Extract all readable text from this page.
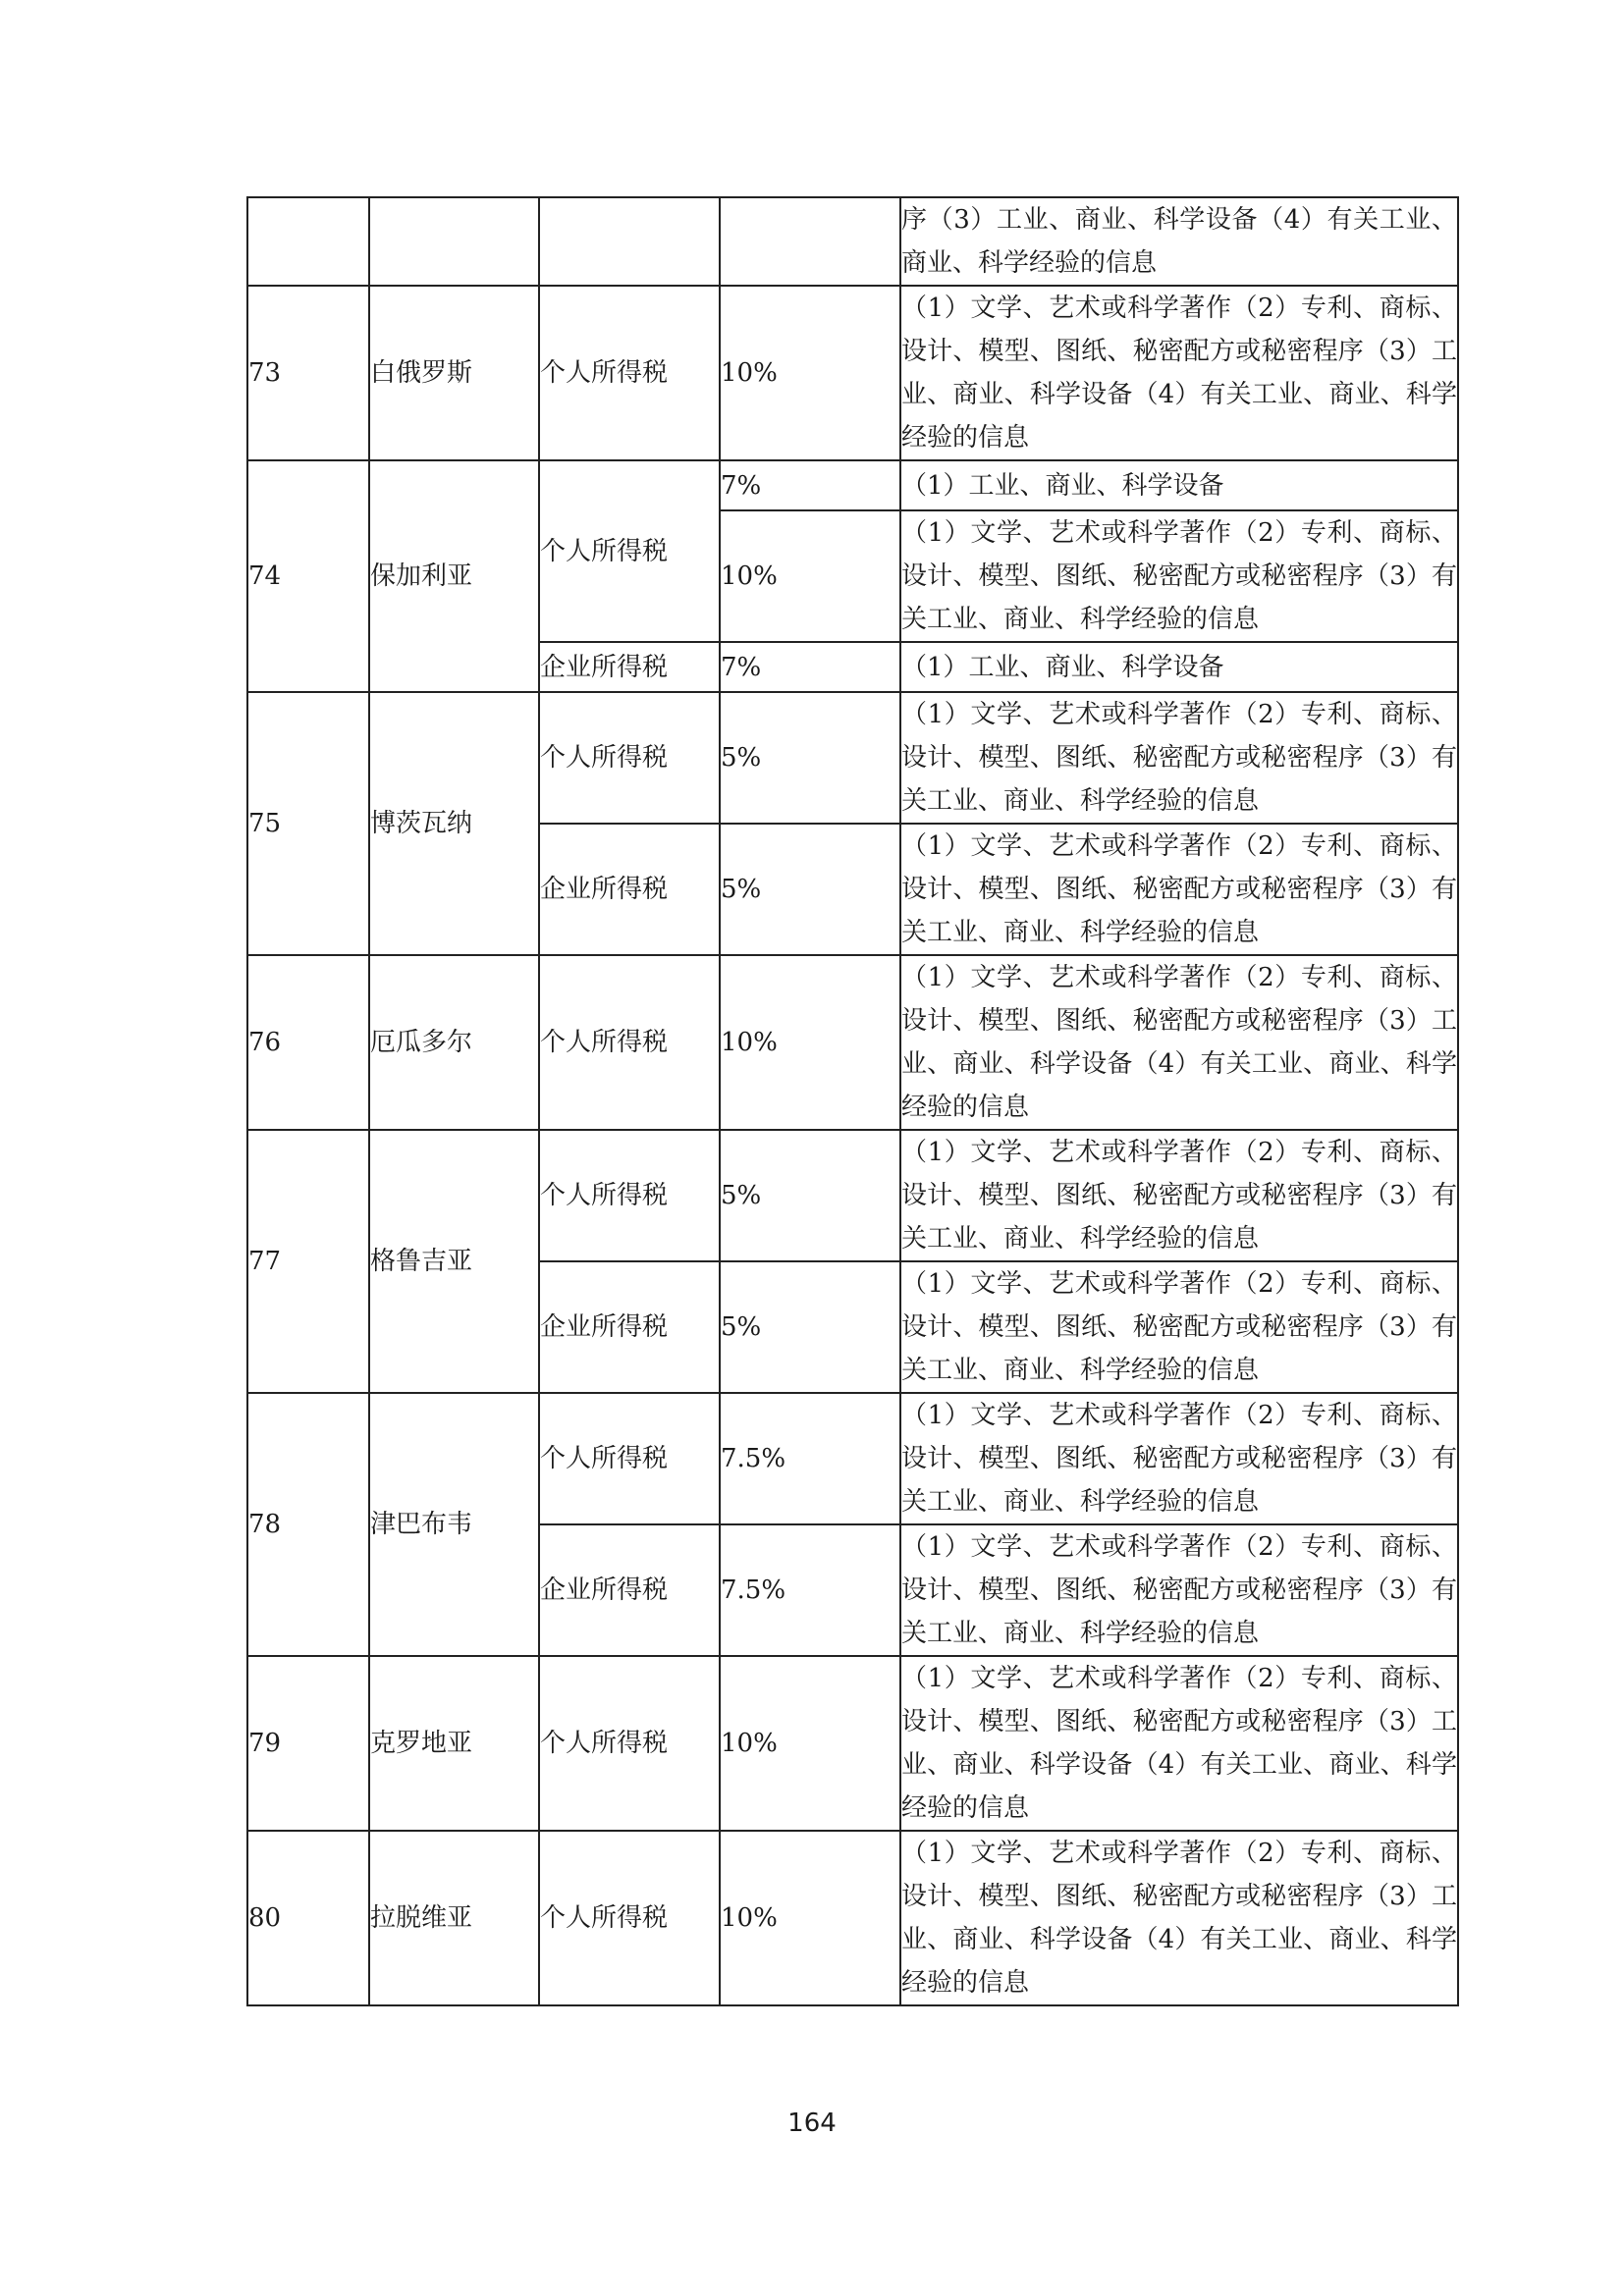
				序（3）工业、商业、科学设备（4）有关工业、商业、科学经验的信息
73	白俄罗斯	个人所得税	10%	（1）文学、艺术或科学著作（2）专利、商标、设计、模型、图纸、秘密配方或秘密程序（3）工业、商业、科学设备（4）有关工业、商业、科学经验的信息
74	保加利亚	个人所得税	7%	（1）工业、商业、科学设备
			10%	（1）文学、艺术或科学著作（2）专利、商标、设计、模型、图纸、秘密配方或秘密程序（3）有关工业、商业、科学经验的信息
		企业所得税	7%	（1）工业、商业、科学设备
75	博茨瓦纳	个人所得税	5%	（1）文学、艺术或科学著作（2）专利、商标、设计、模型、图纸、秘密配方或秘密程序（3）有关工业、商业、科学经验的信息
		企业所得税	5%	（1）文学、艺术或科学著作（2）专利、商标、设计、模型、图纸、秘密配方或秘密程序（3）有关工业、商业、科学经验的信息
76	厄瓜多尔	个人所得税	10%	（1）文学、艺术或科学著作（2）专利、商标、设计、模型、图纸、秘密配方或秘密程序（3）工业、商业、科学设备（4）有关工业、商业、科学经验的信息
77	格鲁吉亚	个人所得税	5%	（1）文学、艺术或科学著作（2）专利、商标、设计、模型、图纸、秘密配方或秘密程序（3）有关工业、商业、科学经验的信息
		企业所得税	5%	（1）文学、艺术或科学著作（2）专利、商标、设计、模型、图纸、秘密配方或秘密程序（3）有关工业、商业、科学经验的信息
78	津巴布韦	个人所得税	7.5%	（1）文学、艺术或科学著作（2）专利、商标、设计、模型、图纸、秘密配方或秘密程序（3）有关工业、商业、科学经验的信息
		企业所得税	7.5%	（1）文学、艺术或科学著作（2）专利、商标、设计、模型、图纸、秘密配方或秘密程序（3）有关工业、商业、科学经验的信息
79	克罗地亚	个人所得税	10%	（1）文学、艺术或科学著作（2）专利、商标、设计、模型、图纸、秘密配方或秘密程序（3）工业、商业、科学设备（4）有关工业、商业、科学经验的信息
80	拉脱维亚	个人所得税	10%	（1）文学、艺术或科学著作（2）专利、商标、设计、模型、图纸、秘密配方或秘密程序（3）工业、商业、科学设备（4）有关工业、商业、科学经验的信息
164
